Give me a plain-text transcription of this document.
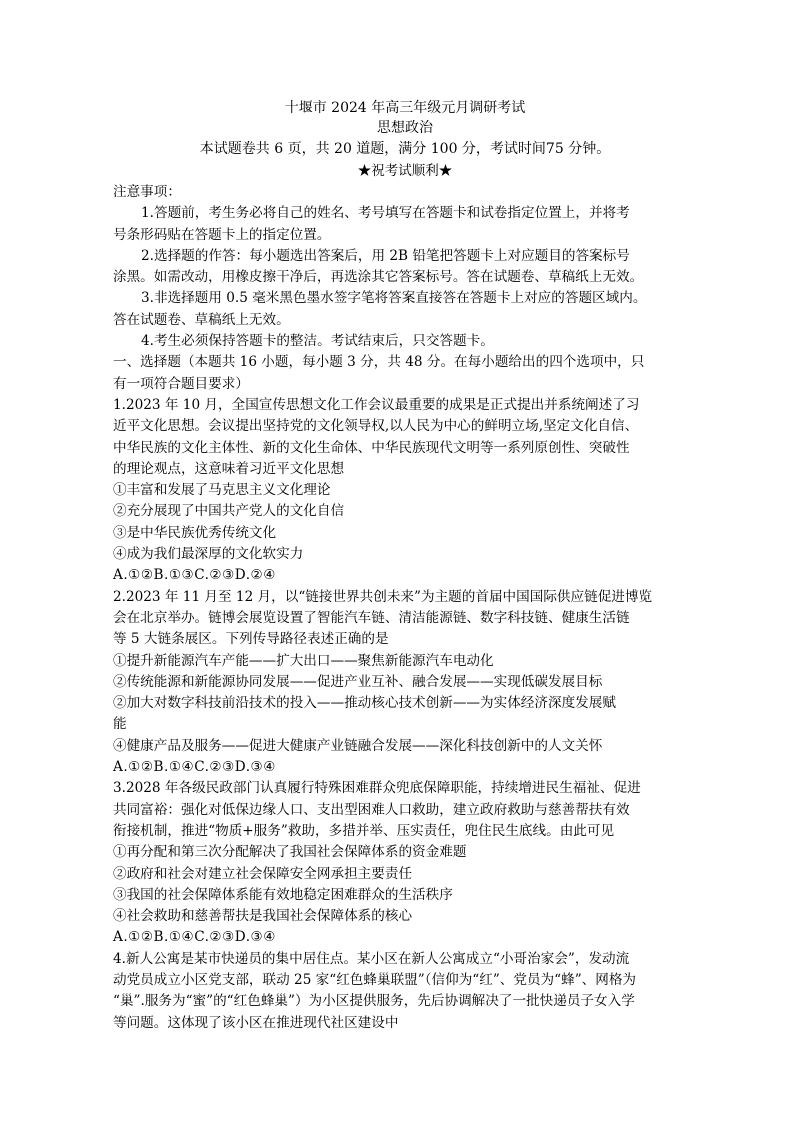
十堰市 2024 年高三年级元月调研考试
思想政治
本试题卷共 6 页，共 20 道题，满分 100 分，考试时间75 分钟。
★祝考试顺利★
注意事项：
1.答题前，考生务必将自己的姓名、考号填写在答题卡和试卷指定位置上，并将考
号条形码贴在答题卡上的指定位置。
2.选择题的作答：每小题选出答案后，用 2B 铅笔把答题卡上对应题目的答案标号
涂黑。如需改动，用橡皮擦干净后，再选涂其它答案标号。答在试题卷、草稿纸上无效。
3.非选择题用 0.5 毫米黑色墨水签字笔将答案直接答在答题卡上对应的答题区域内。
答在试题卷、草稿纸上无效。
4.考生必须保持答题卡的整洁。考试结束后，只交答题卡。
一、选择题（本题共 16 小题，每小题 3 分，共 48 分。在每小题给出的四个选项中，只
有一项符合题目要求）
1.2023 年 10 月，全国宣传思想文化工作会议最重要的成果是正式提出并系统阐述了习
近平文化思想。会议提出坚持党的文化领导权,以人民为中心的鲜明立场,坚定文化自信、
中华民族的文化主体性、新的文化生命体、中华民族现代文明等一系列原创性、突破性
的理论观点，这意味着习近平文化思想
①丰富和发展了马克思主义文化理论
②充分展现了中国共产党人的文化自信
③是中华民族优秀传统文化
④成为我们最深厚的文化软实力
A.①②B.①③C.②③D.②④
2.2023 年 11 月至 12 月，以“链接世界共创未来”为主题的首届中国国际供应链促进博览
会在北京举办。链博会展览设置了智能汽车链、清洁能源链、数字科技链、健康生活链
等 5 大链条展区。下列传导路径表述正确的是
①提升新能源汽车产能——扩大出口——聚焦新能源汽车电动化
②传统能源和新能源协同发展——促进产业互补、融合发展——实现低碳发展目标
②加大对数字科技前沿技术的投入——推动核心技术创新——为实体经济深度发展赋
能
④健康产品及服务——促进大健康产业链融合发展——深化科技创新中的人文关怀
A.①②B.①④C.②③D.③④
3.2028 年各级民政部门认真履行特殊困难群众兜底保障职能，持续增进民生福祉、促进
共同富裕：强化对低保边缘人口、支出型困难人口救助，建立政府救助与慈善帮扶有效
衔接机制，推进“物质+服务”救助，多措并举、压实责任，兜住民生底线。由此可见
①再分配和第三次分配解决了我国社会保障体系的资金难题
②政府和社会对建立社会保障安全网承担主要责任
③我国的社会保障体系能有效地稳定困难群众的生活秩序
④社会救助和慈善帮扶是我国社会保障体系的核心
A.①②B.①④C.②③D.③④
4.新人公寓是某市快递员的集中居住点。某小区在新人公寓成立“小哥治家会”，发动流
动党员成立小区党支部，联动 25 家“红色蜂巢联盟”（信仰为“红”、党员为“蜂”、网格为
“巢”.服务为“蜜”的“红色蜂巢”）为小区提供服务，先后协调解决了一批快递员子女入学
等问题。这体现了该小区在推进现代社区建设中
